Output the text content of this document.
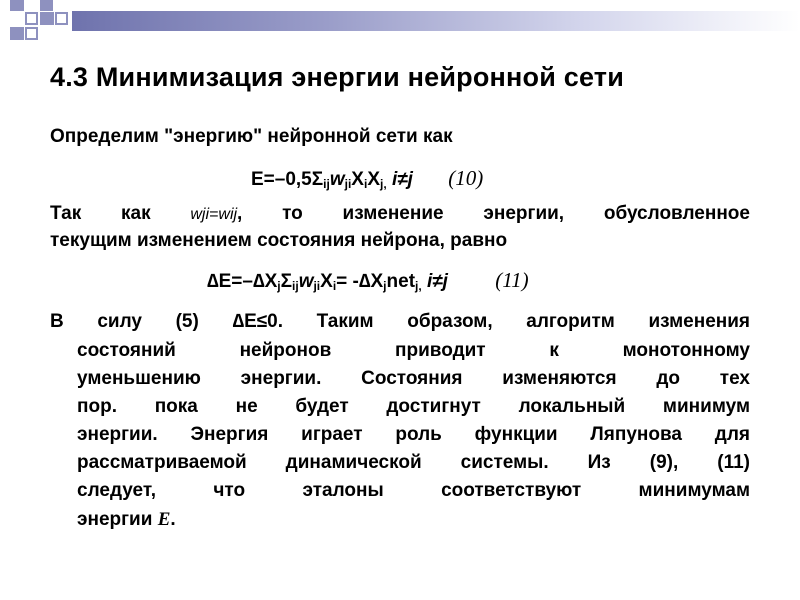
4.3 Минимизация энергии нейронной сети
Определим "энергию" нейронной сети как
$E=-0,5\Sigma_{ij}w_{ji}X_iX_{j,}$ i≠j (10)
Так как wji=wij, то изменение энергии, обусловленное
текущим изменением состояния нейрона, равно
$\Delta E=-\Delta X_j\Sigma_{ij}w_{ji}X_i= -\Delta X_jnet_{j,}$ i≠j (11)
В силу (5) ∆E≤0. Таким образом, алгоритм изменения
состояний нейронов приводит к монотонному
уменьшению энергии. Состояния изменяются до тех
пор. пока не будет достигнут локальный минимум
энергии. Энергия играет роль функции Ляпунова для
рассматриваемой динамической системы. Из (9), (11)
следует, что эталоны соответствуют минимумам
энергии E.
